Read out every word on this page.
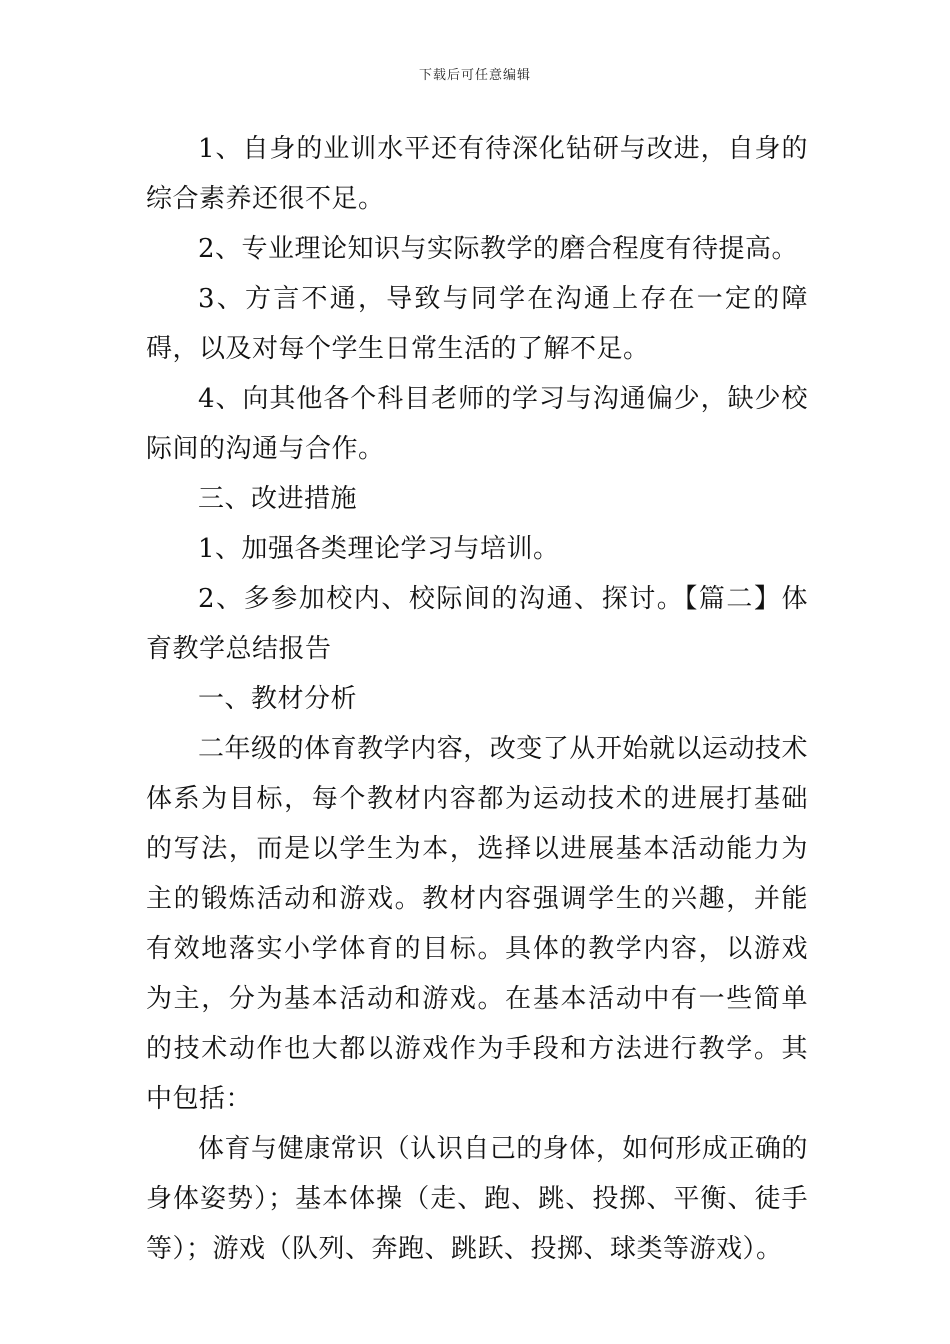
下载后可任意编辑

1、自身的业训水平还有待深化钻研与改进，自身的综合素养还很不足。

2、专业理论知识与实际教学的磨合程度有待提高。

3、方言不通，导致与同学在沟通上存在一定的障碍，以及对每个学生日常生活的了解不足。

4、向其他各个科目老师的学习与沟通偏少，缺少校际间的沟通与合作。

三、改进措施

1、加强各类理论学习与培训。

2、多参加校内、校际间的沟通、探讨。【篇二】体育教学总结报告

一、教材分析

二年级的体育教学内容，改变了从开始就以运动技术体系为目标，每个教材内容都为运动技术的进展打基础的写法，而是以学生为本，选择以进展基本活动能力为主的锻炼活动和游戏。教材内容强调学生的兴趣，并能有效地落实小学体育的目标。具体的教学内容，以游戏为主，分为基本活动和游戏。在基本活动中有一些简单的技术动作也大都以游戏作为手段和方法进行教学。其中包括：

体育与健康常识（认识自己的身体，如何形成正确的身体姿势）；基本体操（走、跑、跳、投掷、平衡、徒手等）；游戏（队列、奔跑、跳跃、投掷、球类等游戏）。
